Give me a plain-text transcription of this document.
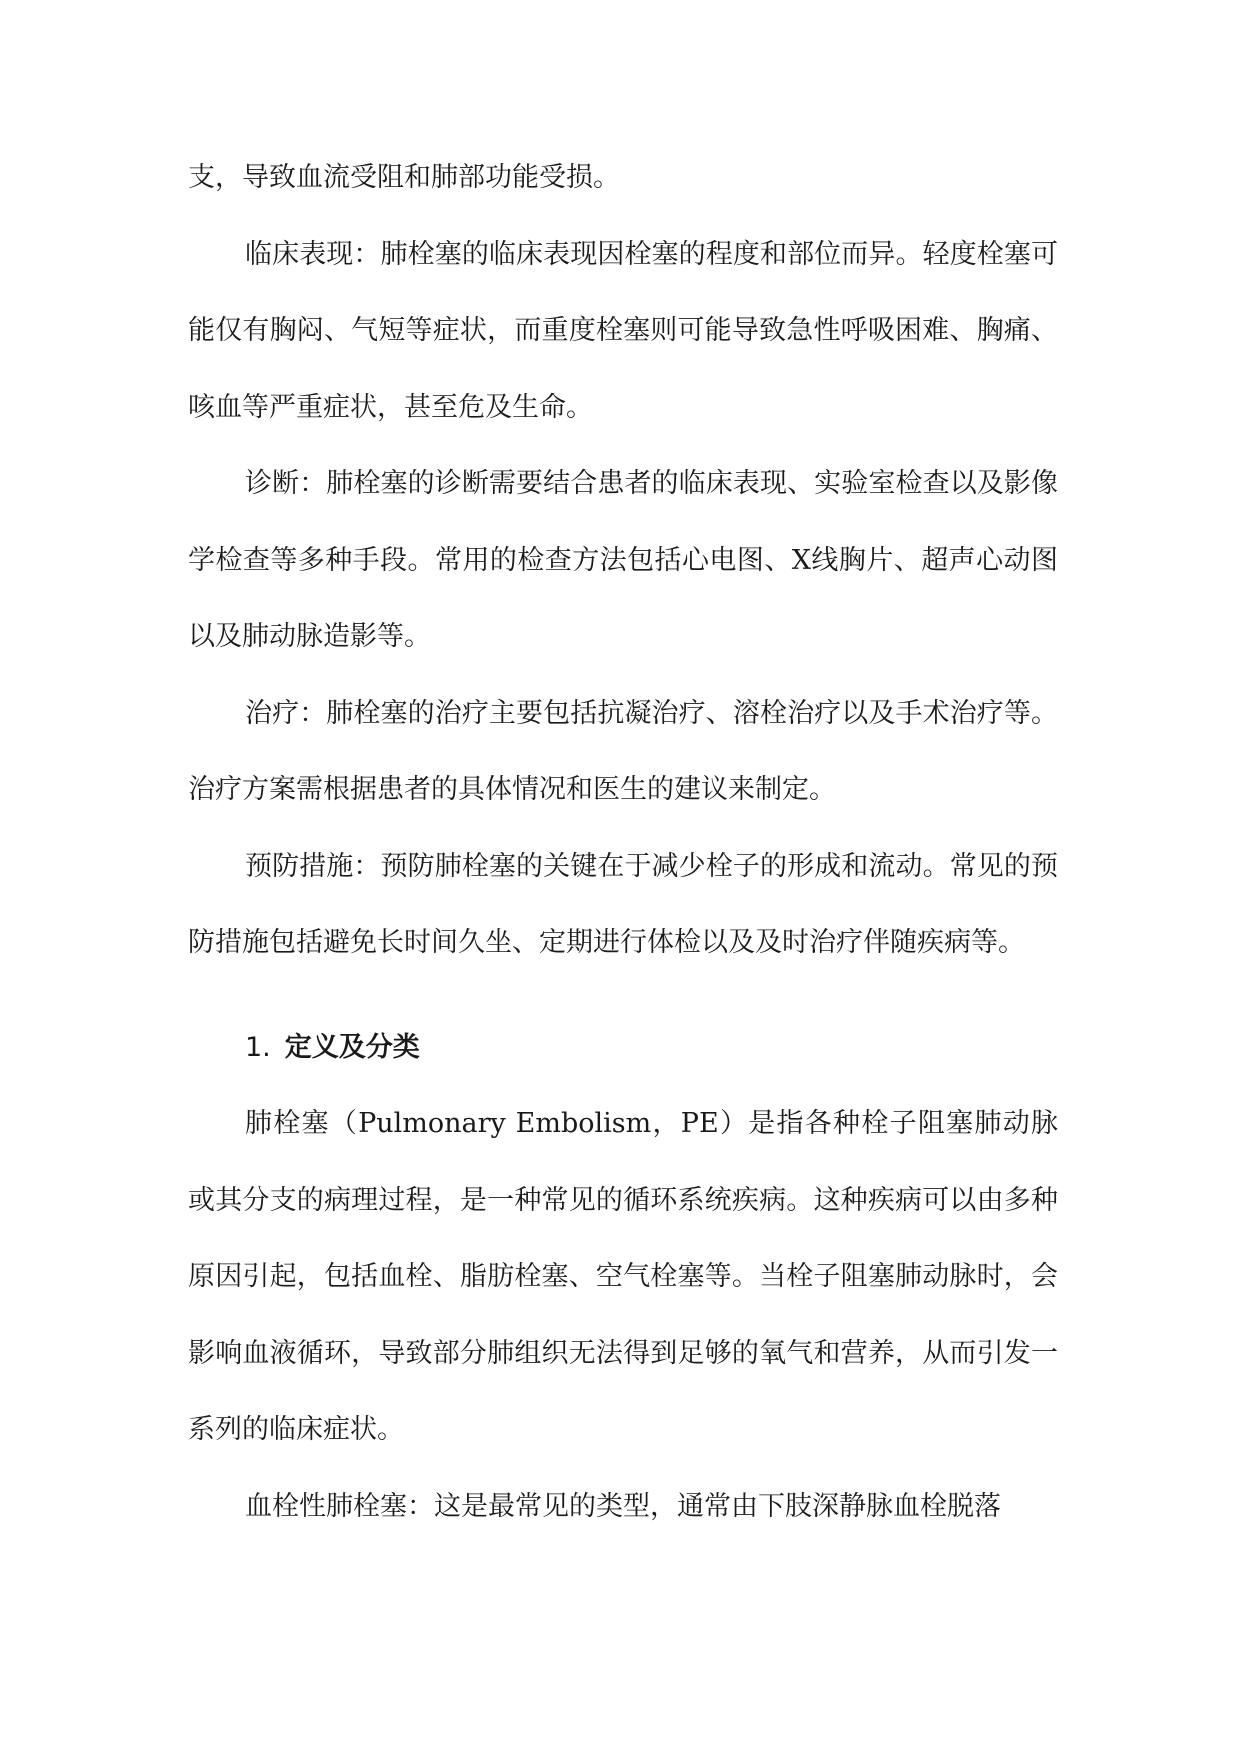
支，导致血流受阻和肺部功能受损。

临床表现：肺栓塞的临床表现因栓塞的程度和部位而异。轻度栓塞可能仅有胸闷、气短等症状，而重度栓塞则可能导致急性呼吸困难、胸痛、咳血等严重症状，甚至危及生命。

诊断：肺栓塞的诊断需要结合患者的临床表现、实验室检查以及影像学检查等多种手段。常用的检查方法包括心电图、X线胸片、超声心动图以及肺动脉造影等。

治疗：肺栓塞的治疗主要包括抗凝治疗、溶栓治疗以及手术治疗等。治疗方案需根据患者的具体情况和医生的建议来制定。

预防措施：预防肺栓塞的关键在于减少栓子的形成和流动。常见的预防措施包括避免长时间久坐、定期进行体检以及及时治疗伴随疾病等。

1. 定义及分类

肺栓塞（Pulmonary Embolism，PE）是指各种栓子阻塞肺动脉或其分支的病理过程，是一种常见的循环系统疾病。这种疾病可以由多种原因引起，包括血栓、脂肪栓塞、空气栓塞等。当栓子阻塞肺动脉时，会影响血液循环，导致部分肺组织无法得到足够的氧气和营养，从而引发一系列的临床症状。

血栓性肺栓塞：这是最常见的类型，通常由下肢深静脉血栓脱落
